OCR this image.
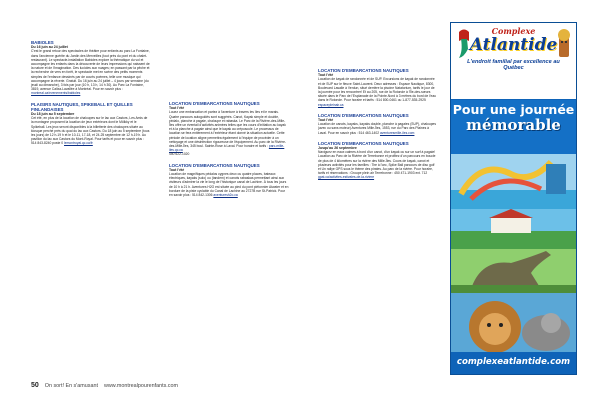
BABIOLES
Du 16 juin au 24 juillet
C'est le grand retour des spectacles de théâtre pour enfants au parc La Fontaine, dans l'ancienne guérite du Jardin des Merveilles (tout près du pont et du chalet-restaurant). Le spectacle-installation Babioles explore la thématique du vol et accompagne les enfants dans la découverte de leurs impressions qui naissent de la nature et de l'imagination. Des lucioles aux nuages; en passant par la pêche et la recherche de vers en forêt, le spectacle met en scène des petits moments simples de l'enfance dessinés par de courts poèmes, telle une musique qui accompagne la rêverie. Gratuit. Du 16 juin au 24 juillet – 4 jours par semaine (du jeudi au dimanche), 3 fois par jour (10 h, 13 h, 14 h 30). Au Parc La Fontaine, 3819, avenue Calixa-Lavallée à Montréal. Pour en savoir plus : montreal.ca/evenements/babioles
PLAISIRS NAUTIQUES, SPIKEBALL ET QUILLES FINLANDAISES
Du 18 juin au 5 septembre
Cet été, en plus de la location de chaloupes sur le lac aux Castors, Les Amis de la montagne proposent la location de jeux extérieurs dont le Mölkky et le Spikeball. Les jeux seront disponibles à la billetterie des chaloupes située au kiosque perché près du quai du lac aux Castors. Du 18 juin au 5 septembre (tous les jours) de 12 h-19 h et le 10-11, 17-18, et 24-25 septembre de 12 h-19 h. Au pavillon du lac aux Castors du Mont-Royal. Pour tarifs et pour en savoir plus : 514 843-8240 poste 0 lemontroyal.qc.ca/fr
LOCATION D'EMBARCATIONS NAUTIQUES
Tout l'été
Louez une embarcation et partez à l'aventure à travers les îles et le marais. Quatre parcours autoguidés sont suggérés. Canot, Kayak simple et double, pédalo, planche à pagaie, chaloupe et rabaska. Le Parc de la Rivière-des-Mille-Îles offre un éventail d'activités animées telles que les cours d'initiation au kayak et à la planche à pagaie ainsi que le kayak au crépuscule. Le processus de location se fera entièrement à l'extérieur étant donné la situation actuelle. Cette période de location aligne permettra également à l'équipe de procéder à un nettoyage et une désinfection rigoureuse de l'équipement. Au parc de la Rivière-des-Mille-Îles, 345 boul. Sainte-Rose à Laval. Pour horaire et tarifs : parc-mille-iles.qc.ca
450 622-1020
LOCATION D'EMBARCATIONS NAUTIQUES
Tout l'été
Location de magnifiques pédalos cygnes deux ou quatre places, bateaux électriques, kayaks (solo) ou (tandem) et canots rabaskas permettant ainsi aux visiteurs d'admirer la vie le long de l'historique canal de Lachine. À tous les jours de 10 h à 21 h. Aventures H2O est située au pied du pont piétonnier Atwater et en bordure de la piste cyclable du Canal de Lachine au 2727B rue St-Patrick. Pour en savoir plus : 514 842-1306 aventuresh2o.ca
LOCATION D'EMBARCATIONS NAUTIQUES
Tout l'été
Location de kayak de randonnée et de SUP. Excursions de kayak de randonnée et de SUP sur le fleuve Saint-Laurent. Deux adresses : Espace Nautique, 8300, Boulevard Lasalle à Verdun, situé derrière la piscine Natatorium, tarifs le jour de la journée pour les rencontrer! Et au 205, rue de la Rotonde à l'Île-des-sœurs située dans le Parc de l'Esplanade de la Pointe-Nord à 3 mètres du bord de l'eau dans le Rotonde. Pour horaire et tarifs : 514 800-0461 ou 1-877-535-2925 espacepleinair.ca
LOCATION D'EMBARCATIONS NAUTIQUES
Tout l'été
Location de canots, kayaks, kayaks double, planche à pagaies (SUP), chaloupes (avec ou sans moteur) Aventures Mille-Îles, 1553, rue du Parc des Plaines à Laval. Pour en savoir plus : 514 463-1402 aventuresmille-iles.com
LOCATION D'EMBARCATIONS NAUTIQUES
Jusqu'au 26 septembre
Naviguez en eaux calmes à bord d'un canot, d'un kayak ou sur un surf à pagaie! Location au Parc de la Rivière de Terrebonne et profitez d'un parcours en boucle de plus de 4 kilomètres sur la rivière des Mille-Îles. Cours de kayak, canot et plusieurs activités pour les familles : Tire à l'arc, Spike Ball parcours de disc golf et Un rallye GPS sous le thème des pirates. Au parc de la rivière. Pour horaire, tarifs et réservations : Groupe plein air Terrebonne : 450 471-1903 ext. 712 gpat.ca/activites-estivales-de-la-riviere
Complexe
Atlantide
L'endroit familial par excellence au Québec
Pour une journée
mémorable
complexeatlantide.com
50 On sort! En s'amusant www.montrealpourenfants.com
